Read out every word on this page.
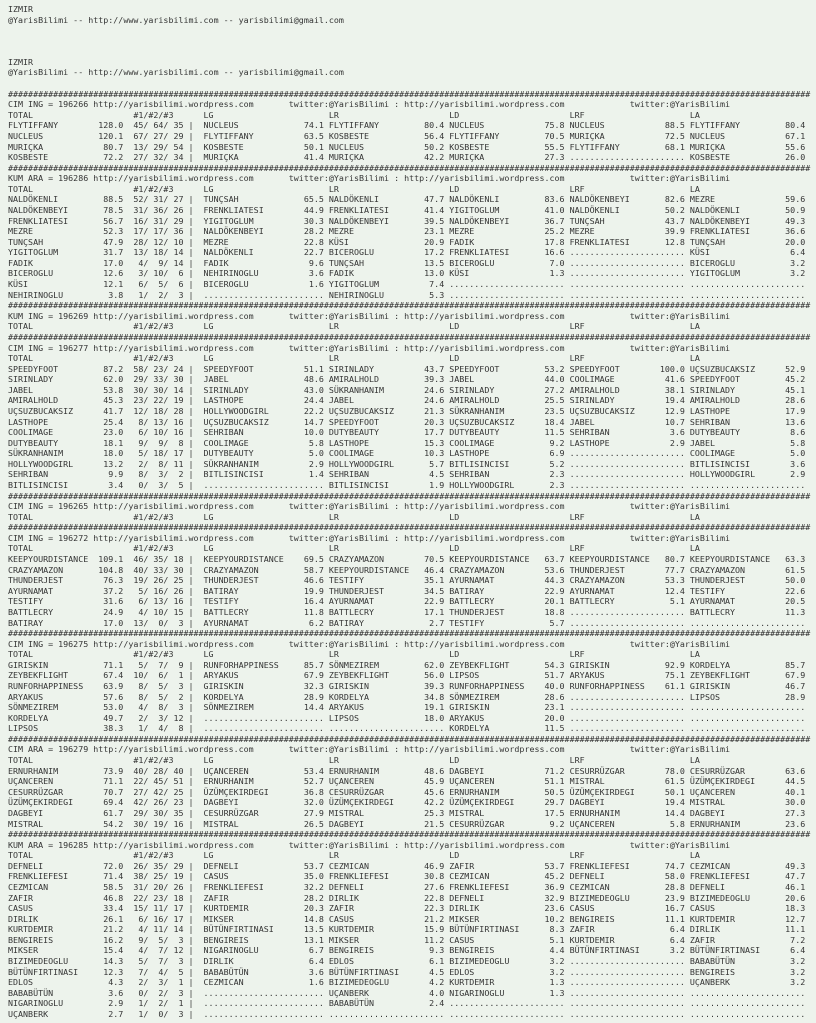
IZMIR
@YarisBilimi -- http://www.yarisbilimi.com -- yarisbilimi@gmail.com

IZMIR
@YarisBilimi -- http://www.yarisbilimi.com -- yarisbilimi@gmail.com

################################################################################################################################################################
CIM ING = 196266 http://yarisbilimi.wordpress.com       twitter:@YarisBilimi : http://yarisbilimi.wordpress.com             twitter:@YarisBilimi
TOTAL                    #1/#2/#3      LG                       LR                      LD                      LRF                     LA
FLYTIFFANY        128.0  45/ 64/ 35 |  NUCLEUS             74.1 FLYTIFFANY         80.4 NUCLEUS            75.8 NUCLEUS            88.5 FLYTIFFANY         80.4
NUCLEUS           120.1  67/ 27/ 29 |  FLYTIFFANY          63.5 KOSBESTE           56.4 FLYTIFFANY         70.5 MURIÇKA            72.5 NUCLEUS            67.1
MURIÇKA            80.7  13/ 29/ 54 |  KOSBESTE            50.1 NUCLEUS            50.2 KOSBESTE           55.5 FLYTIFFANY         68.1 MURIÇKA            55.6
KOSBESTE           72.2  27/ 32/ 34 |  MURIÇKA             41.4 MURIÇKA            42.2 MURIÇKA            27.3 ....................... KOSBESTE           26.0
################################################################################################################################################################
KUM ARA = 196286 http://yarisbilimi.wordpress.com       twitter:@YarisBilimi : http://yarisbilimi.wordpress.com             twitter:@YarisBilimi
TOTAL                    #1/#2/#3      LG                       LR                      LD                      LRF                     LA
NALDÖKENLI         88.5  52/ 31/ 27 |  TUNÇSAH             65.5 NALDÖKENLI         47.7 NALDÖKENLI         83.6 NALDÖKENBEYI       82.6 MEZRE              59.6
NALDÖKENBEYI       78.5  31/ 36/ 26 |  FRENKLIATESI        44.9 FRENKLIATESI       41.4 YIGITOGLUM         41.0 NALDÖKENLI         50.2 NALDÖKENLI         50.9
FRENKLIATESI       56.7  16/ 31/ 29 |  YIGITOGLUM          30.3 NALDÖKENBEYI       39.5 NALDÖKENBEYI       36.7 TUNÇSAH            43.7 NALDÖKENBEYI       49.3
MEZRE              52.3  17/ 17/ 36 |  NALDÖKENBEYI        28.2 MEZRE              23.1 MEZRE              25.2 MEZRE              39.9 FRENKLIATESI       36.6
TUNÇSAH            47.9  28/ 12/ 10 |  MEZRE               22.8 KÜSI               20.9 FADIK              17.8 FRENKLIATESI       12.8 TUNÇSAH            20.0
YIGITOGLUM         31.7  13/ 18/ 14 |  NALDÖKENLI          22.7 BICEROGLU          17.2 FRENKLIATESI       16.6 ....................... KÜSI                6.4
FADIK              17.0   4/  9/ 14 |  FADIK                9.6 TUNÇSAH            13.5 BICEROGLU           7.0 ....................... BICEROGLU           3.2
BICEROGLU          12.6   3/ 10/  6 |  NEHIRINOGLU          3.6 FADIK              13.0 KÜSI                1.3 ....................... YIGITOGLUM          3.2
KÜSI               12.1   6/  5/  6 |  BICEROGLU            1.6 YIGITOGLUM          7.4 ....................... ....................... .......................
NEHIRINOGLU         3.8   1/  2/  3 |  ........................ NEHIRINOGLU         5.3 ....................... ....................... .......................
################################################################################################################################################################
KUM ING = 196269 http://yarisbilimi.wordpress.com       twitter:@YarisBilimi : http://yarisbilimi.wordpress.com             twitter:@YarisBilimi
TOTAL                    #1/#2/#3      LG                       LR                      LD                      LRF                     LA
################################################################################################################################################################
CIM ING = 196277 http://yarisbilimi.wordpress.com       twitter:@YarisBilimi : http://yarisbilimi.wordpress.com             twitter:@YarisBilimi
TOTAL                    #1/#2/#3      LG                       LR                      LD                      LRF                     LA
SPEEDYFOOT         87.2  58/ 23/ 24 |  SPEEDYFOOT          51.1 SIRINLADY          43.7 SPEEDYFOOT         53.2 SPEEDYFOOT        100.0 UÇSUZBUCAKSIZ      52.9
SIRINLADY          62.0  29/ 33/ 30 |  JABEL               48.6 AMIRALHOLD         39.3 JABEL              44.0 COOLIMAGE          41.6 SPEEDYFOOT         45.2
JABEL              53.8  30/ 30/ 14 |  SIRINLADY           43.0 SÜKRANHANIM        24.6 SIRINLADY          27.2 AMIRALHOLD         38.1 SIRINLADY          45.1
AMIRALHOLD         45.3  23/ 22/ 19 |  LASTHOPE            24.4 JABEL              24.6 AMIRALHOLD         25.5 SIRINLADY          19.4 AMIRALHOLD         28.6
UÇSUZBUCAKSIZ      41.7  12/ 18/ 28 |  HOLLYWOODGIRL       22.2 UÇSUZBUCAKSIZ      21.3 SÜKRANHANIM        23.5 UÇSUZBUCAKSIZ      12.9 LASTHOPE           17.9
LASTHOPE           25.4   8/ 13/ 16 |  UÇSUZBUCAKSIZ       14.7 SPEEDYFOOT         20.3 UÇSUZBUCAKSIZ      18.4 JABEL              10.7 SEHRIBAN           13.6
COOLIMAGE          23.0   6/ 10/ 16 |  SEHRIBAN            10.0 DUTYBEAUTY         17.7 DUTYBEAUTY         11.5 SEHRIBAN            3.6 DUTYBEAUTY          8.6
DUTYBEAUTY         18.1   9/  9/  8 |  COOLIMAGE            5.8 LASTHOPE           15.3 COOLIMAGE           9.2 LASTHOPE            2.9 JABEL               5.8
SÜKRANHANIM        18.0   5/ 18/ 17 |  DUTYBEAUTY           5.0 COOLIMAGE          10.3 LASTHOPE            6.9 ....................... COOLIMAGE           5.0
HOLLYWOODGIRL      13.2   2/  8/ 11 |  SÜKRANHANIM          2.9 HOLLYWOODGIRL       5.7 BITLISINCISI        5.2 ....................... BITLISINCISI        3.6
SEHRIBAN            9.9   8/  3/  2 |  BITLISINCISI         1.4 SEHRIBAN            4.5 SEHRIBAN            2.3 ....................... HOLLYWOODGIRL       2.9
BITLISINCISI        3.4   0/  3/  5 |  ........................ BITLISINCISI        1.9 HOLLYWOODGIRL       2.3 ....................... .......................
################################################################################################################################################################
CIM ING = 196265 http://yarisbilimi.wordpress.com       twitter:@YarisBilimi : http://yarisbilimi.wordpress.com             twitter:@YarisBilimi
TOTAL                    #1/#2/#3      LG                       LR                      LD                      LRF                     LA
################################################################################################################################################################
CIM ING = 196272 http://yarisbilimi.wordpress.com       twitter:@YarisBilimi : http://yarisbilimi.wordpress.com             twitter:@YarisBilimi
TOTAL                    #1/#2/#3      LG                       LR                      LD                      LRF                     LA
KEEPYOURDISTANCE  109.1  46/ 35/ 18 |  KEEPYOURDISTANCE    69.5 CRAZYAMAZON        70.5 KEEPYOURDISTANCE   63.7 KEEPYOURDISTANCE   80.7 KEEPYOURDISTANCE   63.3
CRAZYAMAZON       104.8  40/ 33/ 30 |  CRAZYAMAZON         58.7 KEEPYOURDISTANCE   46.4 CRAZYAMAZON        53.6 THUNDERJEST        77.7 CRAZYAMAZON        61.5
THUNDERJEST        76.3  19/ 26/ 25 |  THUNDERJEST         46.6 TESTIFY            35.1 AYURNAMAT          44.3 CRAZYAMAZON        53.3 THUNDERJEST        50.0
AYURNAMAT          37.2   5/ 16/ 26 |  BATIRAY             19.9 THUNDERJEST        34.5 BATIRAY            22.9 AYURNAMAT          12.4 TESTIFY            22.6
TESTIFY            31.6   6/ 13/ 16 |  TESTIFY             16.4 AYURNAMAT          22.9 BATTLECRY          20.1 BATTLECRY           5.1 AYURNAMAT          20.5
BATTLECRY          24.9   4/ 10/ 15 |  BATTLECRY           11.8 BATTLECRY          17.1 THUNDERJEST        18.8 ....................... BATTLECRY          11.3
BATIRAY            17.0  13/  0/  3 |  AYURNAMAT            6.2 BATIRAY             2.7 TESTIFY             5.7 ....................... .......................
################################################################################################################################################################
CIM ING = 196275 http://yarisbilimi.wordpress.com       twitter:@YarisBilimi : http://yarisbilimi.wordpress.com             twitter:@YarisBilimi
TOTAL                    #1/#2/#3      LG                       LR                      LD                      LRF                     LA
GIRISKIN           71.1   5/  7/  9 |  RUNFORHAPPINESS     85.7 SÖNMEZIREM         62.0 ZEYBEKFLIGHT       54.3 GIRISKIN           92.9 KORDELYA           85.7
ZEYBEKFLIGHT       67.4  10/  6/  1 |  ARYAKUS             67.9 ZEYBEKFLIGHT       56.0 LIPSOS             51.7 ARYAKUS            75.1 ZEYBEKFLIGHT       67.9
RUNFORHAPPINESS    63.9   8/  5/  3 |  GIRISKIN            32.3 GIRISKIN           39.3 RUNFORHAPPINESS    40.0 RUNFORHAPPINESS    61.1 GIRISKIN           46.7
ARYAKUS            57.6   8/  5/  2 |  KORDELYA            28.9 KORDELYA           34.8 SÖNMEZIREM         28.6 ....................... LIPSOS             28.9
SÖNMEZIREM         53.0   4/  8/  3 |  SÖNMEZIREM          14.4 ARYAKUS            19.1 GIRISKIN           23.1 ....................... .......................
KORDELYA           49.7   2/  3/ 12 |  ........................ LIPSOS             18.0 ARYAKUS            20.0 ....................... .......................
LIPSOS             38.3   1/  4/  8 |  ........................ ....................... KORDELYA           11.5 ....................... .......................
################################################################################################################################################################
CIM ARA = 196279 http://yarisbilimi.wordpress.com       twitter:@YarisBilimi : http://yarisbilimi.wordpress.com             twitter:@YarisBilimi
TOTAL                    #1/#2/#3      LG                       LR                      LD                      LRF                     LA
ERNURHANIM         73.9  40/ 28/ 40 |  UÇANCEREN           53.4 ERNURHANIM         48.6 DAGBEYI            71.2 CESURRÜZGAR        78.0 CESURRÜZGAR        63.6
UÇANCEREN          71.1  22/ 45/ 51 |  ERNURHANIM          52.7 UÇANCEREN          45.9 UÇANCEREN          51.1 MISTRAL            61.5 ÜZÜMÇEKIRDEGI      44.5
CESURRÜZGAR        70.7  27/ 42/ 25 |  ÜZÜMÇEKIRDEGI       36.8 CESURRÜZGAR        45.6 ERNURHANIM         50.5 ÜZÜMÇEKIRDEGI      50.1 UÇANCEREN          40.1
ÜZÜMÇEKIRDEGI      69.4  42/ 26/ 23 |  DAGBEYI             32.0 ÜZÜMÇEKIRDEGI      42.2 ÜZÜMÇEKIRDEGI      29.7 DAGBEYI            19.4 MISTRAL            30.0
DAGBEYI            61.7  29/ 30/ 35 |  CESURRÜZGAR         27.9 MISTRAL            25.3 MISTRAL            17.5 ERNURHANIM         14.4 DAGBEYI            27.3
MISTRAL            54.2  30/ 19/ 16 |  MISTRAL             26.5 DAGBEYI            21.5 CESURRÜZGAR         9.2 UÇANCEREN           5.8 ERNURHANIM         23.6
################################################################################################################################################################
KUM ARA = 196285 http://yarisbilimi.wordpress.com       twitter:@YarisBilimi : http://yarisbilimi.wordpress.com             twitter:@YarisBilimi
TOTAL                    #1/#2/#3      LG                       LR                      LD                      LRF                     LA
DEFNELI            72.0  26/ 35/ 29 |  DEFNELI             53.7 CEZMICAN           46.9 ZAFIR              53.7 FRENKLIEFESI       74.7 CEZMICAN           49.3
FRENKLIEFESI       71.4  38/ 25/ 19 |  CASUS               35.0 FRENKLIEFESI       30.8 CEZMICAN           45.2 DEFNELI            58.0 FRENKLIEFESI       47.7
CEZMICAN           58.5  31/ 20/ 26 |  FRENKLIEFESI        32.2 DEFNELI            27.6 FRENKLIEFESI       36.9 CEZMICAN           28.8 DEFNELI            46.1
ZAFIR              46.8  22/ 23/ 18 |  ZAFIR               28.2 DIRLIK             22.8 DEFNELI            32.9 BIZIMEDEOGLU       23.9 BIZIMEDEOGLU       20.6
CASUS              33.4  15/ 11/ 17 |  KURTDEMIR           20.3 ZAFIR              22.3 DIRLIK             23.6 CASUS              16.7 CASUS              18.3
DIRLIK             26.1   6/ 16/ 17 |  MIKSER              14.8 CASUS              21.2 MIKSER             10.2 BENGIREIS          11.1 KURTDEMIR          12.7
KURTDEMIR          21.2   4/ 11/ 14 |  BÜTÜNFIRTINASI      13.5 KURTDEMIR          15.9 BÜTÜNFIRTINASI      8.3 ZAFIR               6.4 DIRLIK             11.1
BENGIREIS          16.2   9/  5/  3 |  BENGIREIS           13.1 MIKSER             11.2 CASUS               5.1 KURTDEMIR           6.4 ZAFIR               7.2
MIKSER             15.4   4/  7/ 12 |  NIGARINOGLU          6.7 BENGIREIS           9.3 BENGIREIS           4.4 BÜTÜNFIRTINASI      3.2 BÜTÜNFIRTINASI      6.4
BIZIMEDEOGLU       14.3   5/  7/  3 |  DIRLIK               6.4 EDLOS               6.1 BIZIMEDEOGLU        3.2 ....................... BABABÜTÜN           3.2
BÜTÜNFIRTINASI     12.3   7/  4/  5 |  BABABÜTÜN            3.6 BÜTÜNFIRTINASI      4.5 EDLOS               3.2 ....................... BENGIREIS           3.2
EDLOS               4.3   2/  3/  1 |  CEZMICAN             1.6 BIZIMEDEOGLU        4.2 KURTDEMIR           1.3 ....................... UÇANBERK            3.2
BABABÜTÜN           3.6   0/  2/  3 |  ........................ UÇANBERK            4.0 NIGARINOGLU         1.3 ....................... .......................
NIGARINOGLU         2.9   1/  2/  1 |  ........................ BABABÜTÜN           2.4 ....................... ....................... .......................
UÇANBERK            2.7   1/  0/  3 |  ........................ ....................... ....................... ....................... .......................
